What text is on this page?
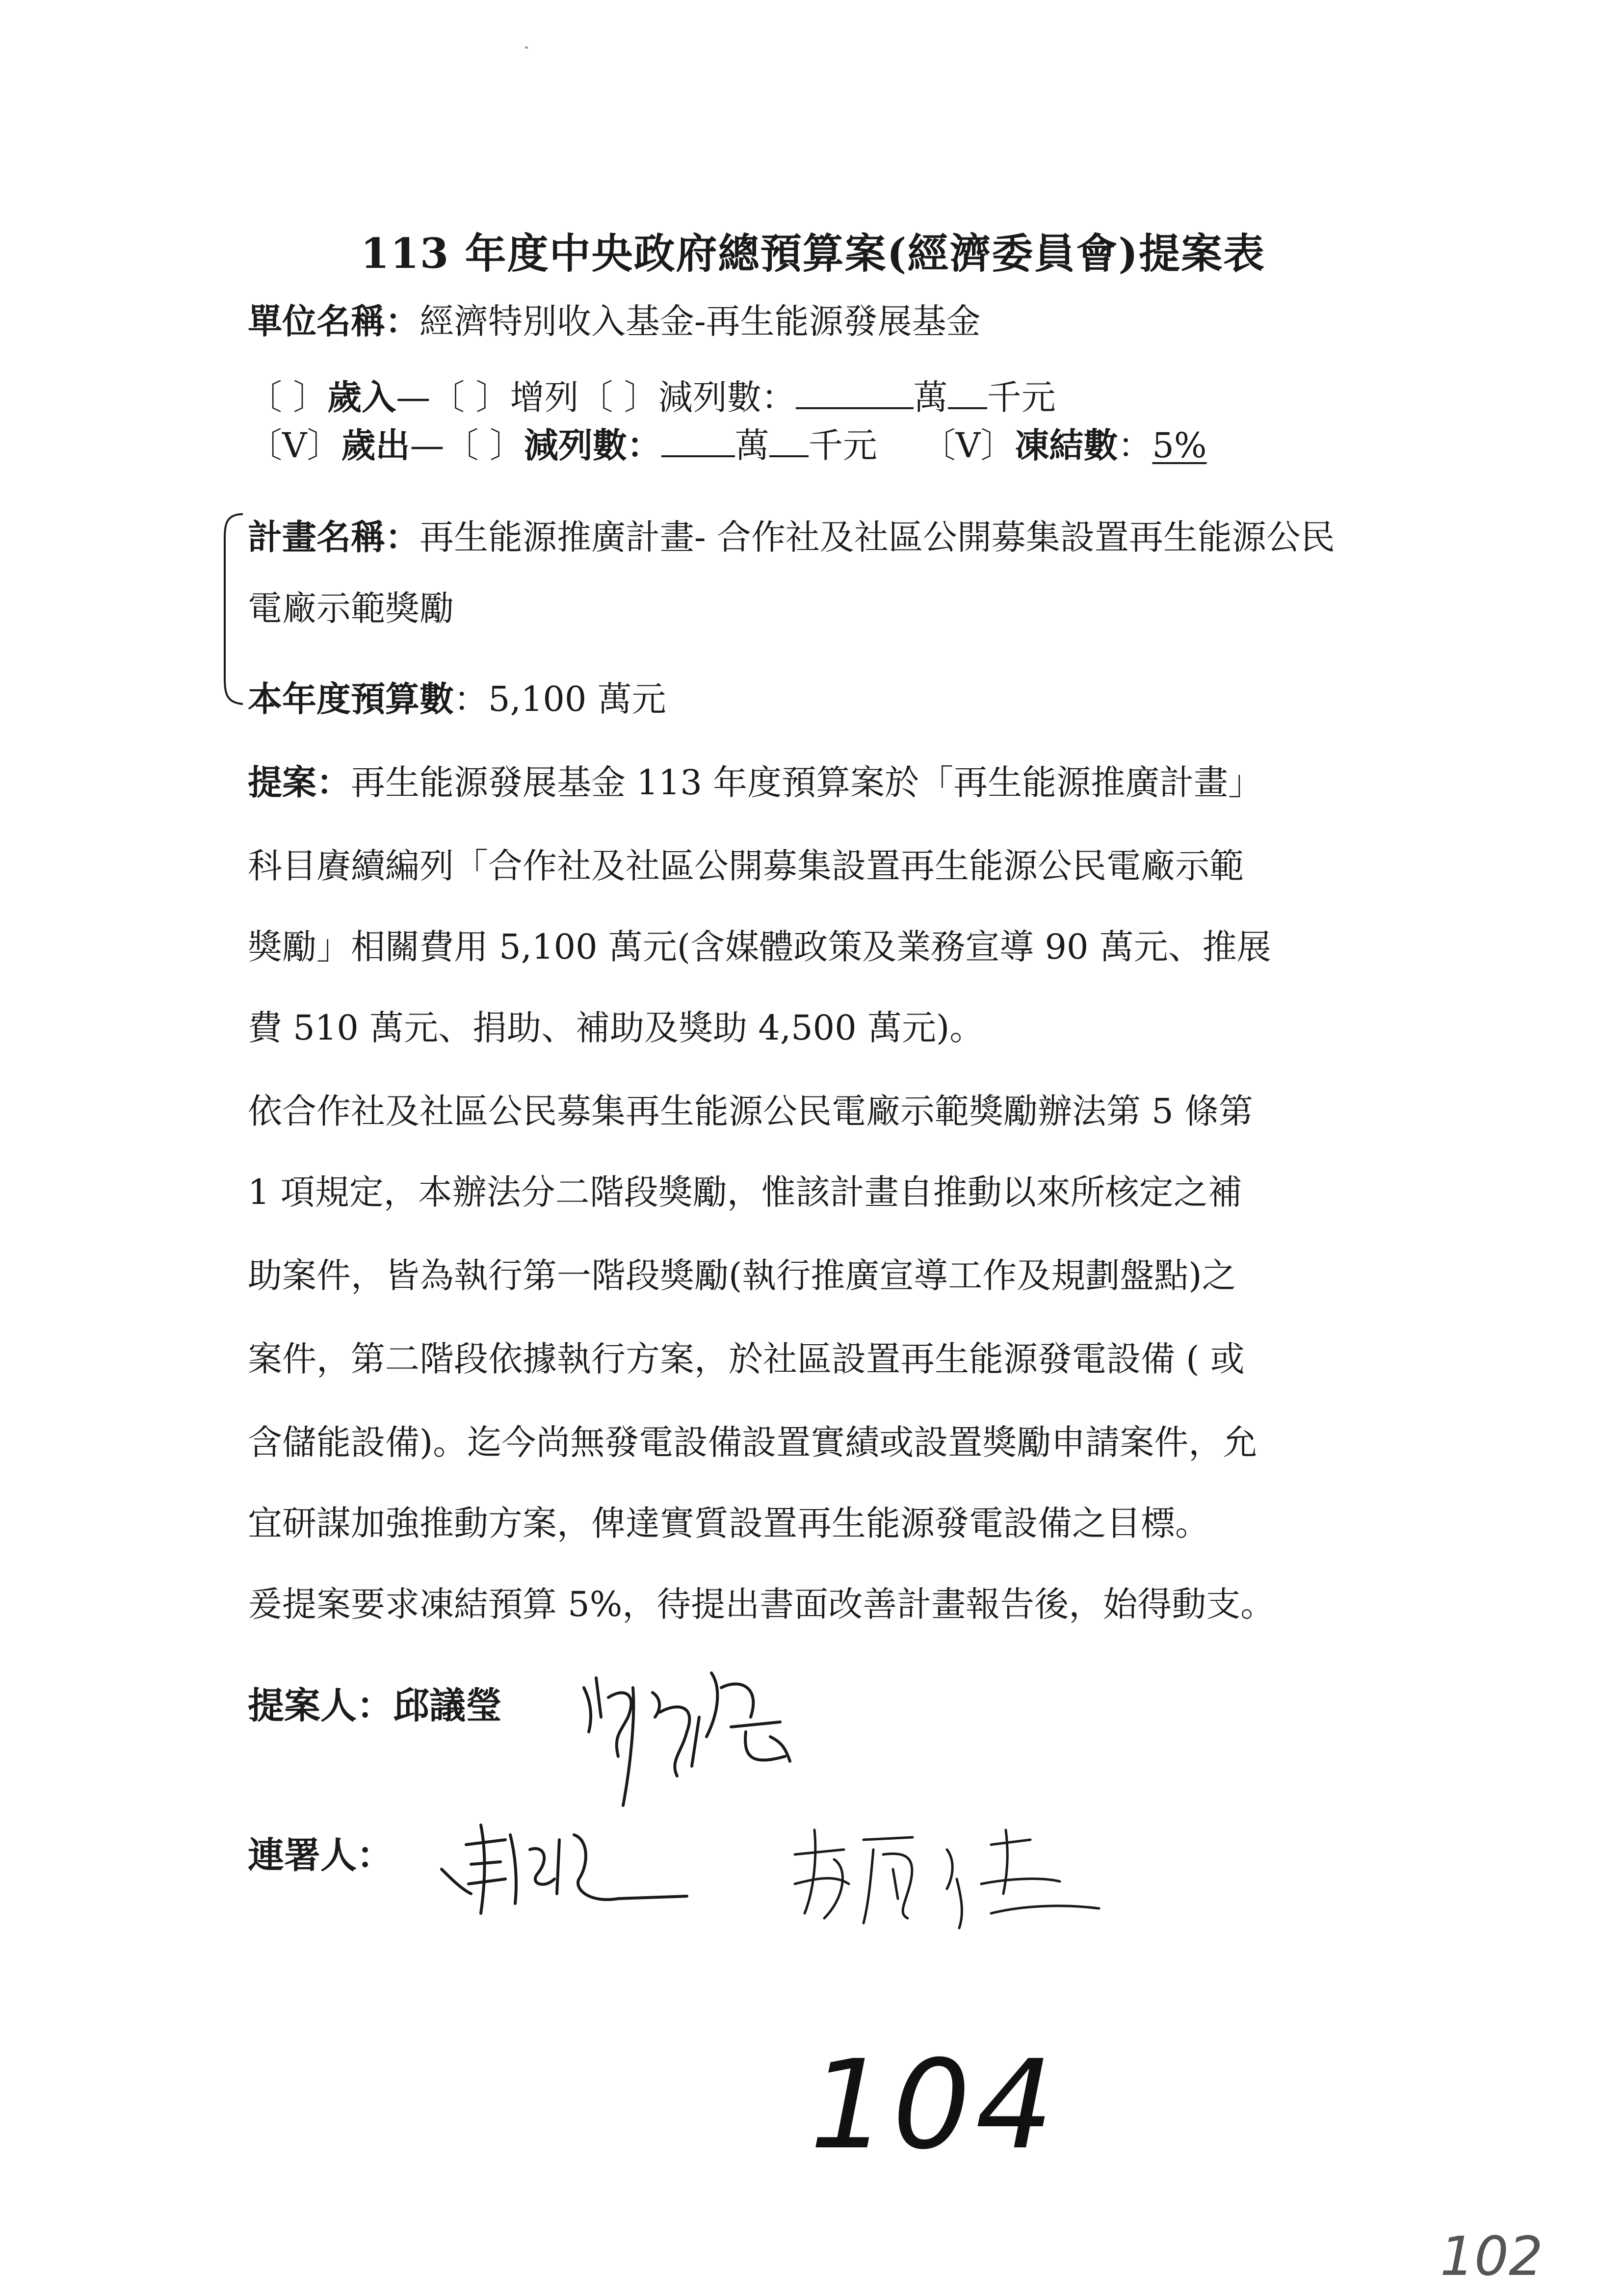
113 年度中央政府總預算案(經濟委員會)提案表
單位名稱：經濟特別收入基金-再生能源發展基金
〔 〕歲入—〔 〕增列〔 〕減列數：	萬 千元
〔V〕歲出—〔 〕減列數： 萬 千元 〔V〕凍結數：5%
計畫名稱：再生能源推廣計畫- 合作社及社區公開募集設置再生能源公民
電廠示範獎勵
本年度預算數：5,100 萬元
提案：再生能源發展基金 113 年度預算案於「再生能源推廣計畫」
科目賡續編列「合作社及社區公開募集設置再生能源公民電廠示範
獎勵」相關費用 5,100 萬元(含媒體政策及業務宣導 90 萬元、推展
費 510 萬元、捐助、補助及獎助 4,500 萬元)。
依合作社及社區公民募集再生能源公民電廠示範獎勵辦法第 5 條第
1 項規定，本辦法分二階段獎勵，惟該計畫自推動以來所核定之補
助案件，皆為執行第一階段獎勵(執行推廣宣導工作及規劃盤點)之
案件，第二階段依據執行方案，於社區設置再生能源發電設備 ( 或
含儲能設備)。迄今尚無發電設備設置實績或設置獎勵申請案件，允
宜研謀加強推動方案，俾達實質設置再生能源發電設備之目標。
爰提案要求凍結預算 5%，待提出書面改善計畫報告後，始得動支。
提案人：邱議瑩
連署人：
104
102
